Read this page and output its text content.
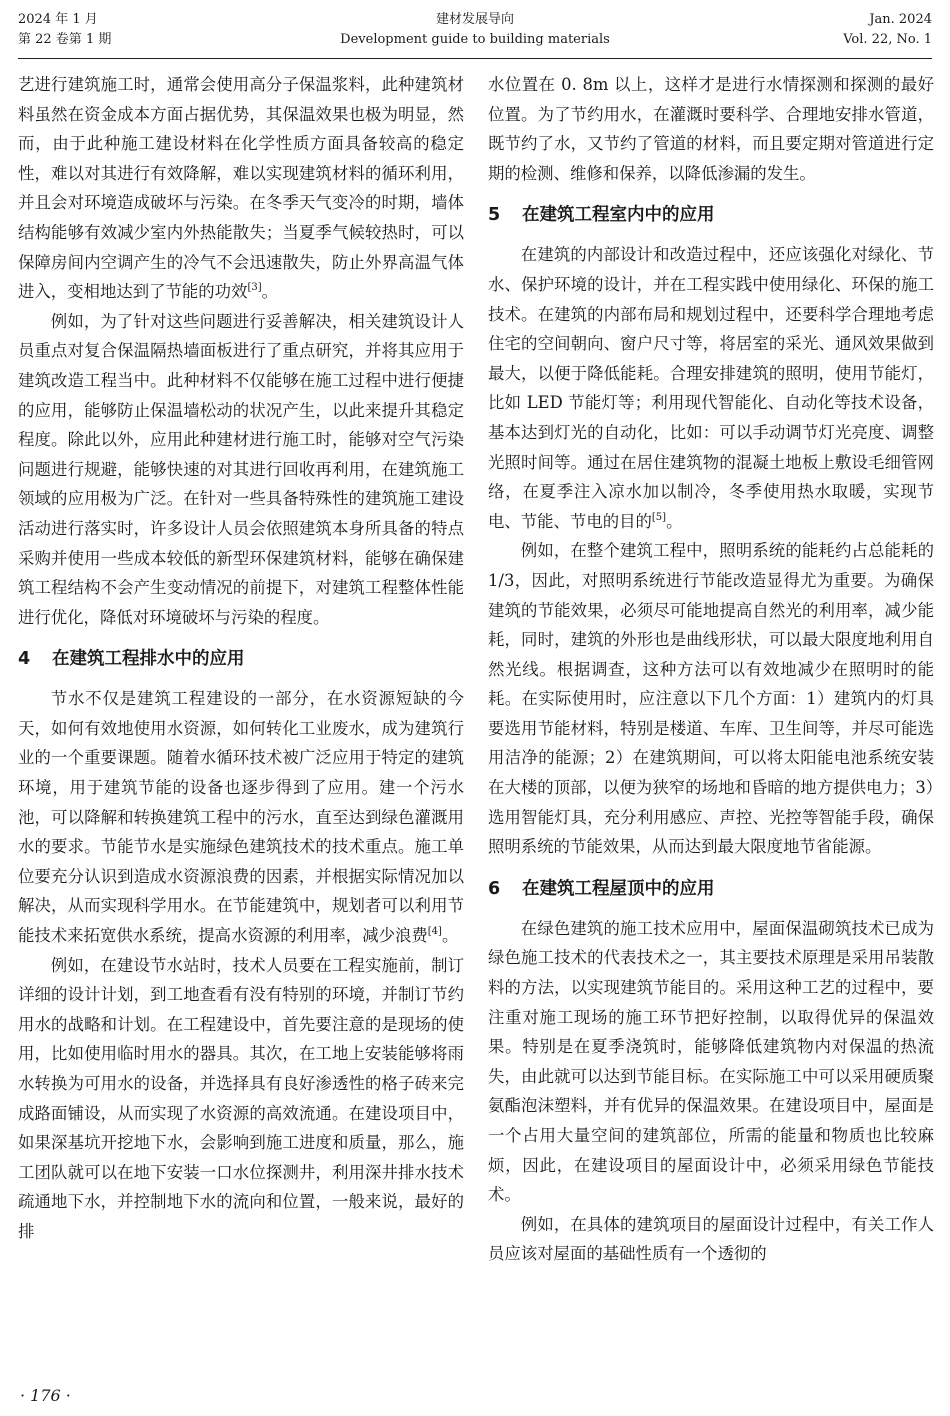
2024 年 1 月
第 22 卷第 1 期
建材发展导向
Development guide to building materials
Jan. 2024
Vol. 22, No. 1

艺进行建筑施工时，通常会使用高分子保温浆料，此种建筑材料虽然在资金成本方面占据优势，其保温效果也极为明显，然而，由于此种施工建设材料在化学性质方面具备较高的稳定性，难以对其进行有效降解，难以实现建筑材料的循环利用，并且会对环境造成破坏与污染。在冬季天气变冷的时期，墙体结构能够有效减少室内外热能散失；当夏季气候较热时，可以保障房间内空调产生的冷气不会迅速散失，防止外界高温气体进入，变相地达到了节能的功效[3]。

例如，为了针对这些问题进行妥善解决，相关建筑设计人员重点对复合保温隔热墙面板进行了重点研究，并将其应用于建筑改造工程当中。此种材料不仅能够在施工过程中进行便捷的应用，能够防止保温墙松动的状况产生，以此来提升其稳定程度。除此以外，应用此种建材进行施工时，能够对空气污染问题进行规避，能够快速的对其进行回收再利用，在建筑施工领域的应用极为广泛。在针对一些具备特殊性的建筑施工建设活动进行落实时，许多设计人员会依照建筑本身所具备的特点采购并使用一些成本较低的新型环保建筑材料，能够在确保建筑工程结构不会产生变动情况的前提下，对建筑工程整体性能进行优化，降低对环境破坏与污染的程度。

4 在建筑工程排水中的应用

节水不仅是建筑工程建设的一部分，在水资源短缺的今天，如何有效地使用水资源，如何转化工业废水，成为建筑行业的一个重要课题。随着水循环技术被广泛应用于特定的建筑环境，用于建筑节能的设备也逐步得到了应用。建一个污水池，可以降解和转换建筑工程中的污水，直至达到绿色灌溉用水的要求。节能节水是实施绿色建筑技术的技术重点。施工单位要充分认识到造成水资源浪费的因素，并根据实际情况加以解决，从而实现科学用水。在节能建筑中，规划者可以利用节能技术来拓宽供水系统，提高水资源的利用率，减少浪费[4]。

例如，在建设节水站时，技术人员要在工程实施前，制订详细的设计计划，到工地查看有没有特别的环境，并制订节约用水的战略和计划。在工程建设中，首先要注意的是现场的使用，比如使用临时用水的器具。其次，在工地上安装能够将雨水转换为可用水的设备，并选择具有良好渗透性的格子砖来完成路面铺设，从而实现了水资源的高效流通。在建设项目中，如果深基坑开挖地下水，会影响到施工进度和质量，那么，施工团队就可以在地下安装一口水位探测井，利用深井排水技术疏通地下水，并控制地下水的流向和位置，一般来说，最好的排

水位置在 0. 8m 以上，这样才是进行水情探测和探测的最好位置。为了节约用水，在灌溉时要科学、合理地安排水管道，既节约了水，又节约了管道的材料，而且要定期对管道进行定期的检测、维修和保养，以降低渗漏的发生。

5 在建筑工程室内中的应用

在建筑的内部设计和改造过程中，还应该强化对绿化、节水、保护环境的设计，并在工程实践中使用绿化、环保的施工技术。在建筑的内部布局和规划过程中，还要科学合理地考虑住宅的空间朝向、窗户尺寸等，将居室的采光、通风效果做到最大，以便于降低能耗。合理安排建筑的照明，使用节能灯，比如 LED 节能灯等；利用现代智能化、自动化等技术设备，基本达到灯光的自动化，比如：可以手动调节灯光亮度、调整光照时间等。通过在居住建筑物的混凝土地板上敷设毛细管网络，在夏季注入凉水加以制冷，冬季使用热水取暖，实现节电、节能、节电的目的[5]。

例如，在整个建筑工程中，照明系统的能耗约占总能耗的 1/3，因此，对照明系统进行节能改造显得尤为重要。为确保建筑的节能效果，必须尽可能地提高自然光的利用率，减少能耗，同时，建筑的外形也是曲线形状，可以最大限度地利用自然光线。根据调查，这种方法可以有效地减少在照明时的能耗。在实际使用时，应注意以下几个方面：1）建筑内的灯具要选用节能材料，特别是楼道、车库、卫生间等，并尽可能选用洁净的能源；2）在建筑期间，可以将太阳能电池系统安装在大楼的顶部，以便为狭窄的场地和昏暗的地方提供电力；3）选用智能灯具，充分利用感应、声控、光控等智能手段，确保照明系统的节能效果，从而达到最大限度地节省能源。

6 在建筑工程屋顶中的应用

在绿色建筑的施工技术应用中，屋面保温砌筑技术已成为绿色施工技术的代表技术之一，其主要技术原理是采用吊装散料的方法，以实现建筑节能目的。采用这种工艺的过程中，要注重对施工现场的施工环节把好控制，以取得优异的保温效果。特别是在夏季浇筑时，能够降低建筑物内对保温的热流失，由此就可以达到节能目标。在实际施工中可以采用硬质聚氨酯泡沫塑料，并有优异的保温效果。在建设项目中，屋面是一个占用大量空间的建筑部位，所需的能量和物质也比较麻烦，因此，在建设项目的屋面设计中，必须采用绿色节能技术。

例如，在具体的建筑项目的屋面设计过程中，有关工作人员应该对屋面的基础性质有一个透彻的

· 176 ·
